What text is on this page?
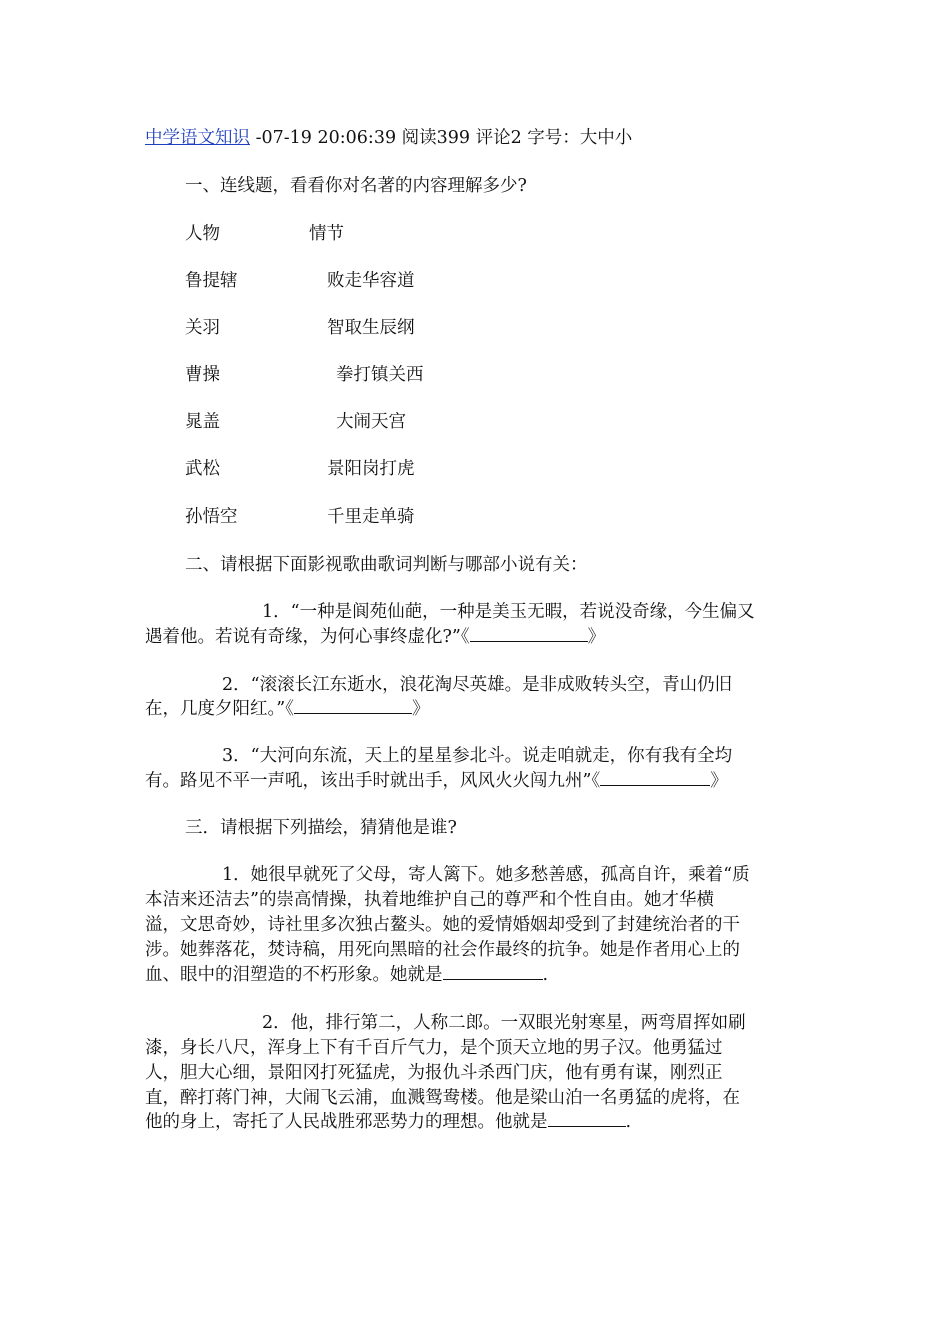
中学语文知识 -07-19 20:06:39 阅读399 评论2 字号：大中小
一、连线题，看看你对名著的内容理解多少?
人物	情节
鲁提辖	败走华容道
关羽	智取生辰纲
曹操	拳打镇关西
晁盖	大闹天宫
武松	景阳岗打虎
孙悟空	千里走单骑
二、请根据下面影视歌曲歌词判断与哪部小说有关：
1．“一种是阆苑仙葩，一种是美玉无暇，若说没奇缘，今生偏又
遇着他。若说有奇缘，为何心事终虚化?”《	》
2．“滚滚长江东逝水，浪花淘尽英雄。是非成败转头空，青山仍旧
在，几度夕阳红。”《	》
3．“大河向东流，天上的星星参北斗。说走咱就走，你有我有全均
有。路见不平一声吼，该出手时就出手，风风火火闯九州”《	》
三．请根据下列描绘，猜猜他是谁?
1．她很早就死了父母，寄人篱下。她多愁善感，孤高自许，乘着“质
本洁来还洁去”的崇高情操，执着地维护自己的尊严和个性自由。她才华横
溢，文思奇妙，诗社里多次独占鳌头。她的爱情婚姻却受到了封建统治者的干
涉。她葬落花，焚诗稿，用死向黑暗的社会作最终的抗争。她是作者用心上的
血、眼中的泪塑造的不朽形象。她就是	.
2．他，排行第二，人称二郎。一双眼光射寒星，两弯眉挥如刷
漆，身长八尺，浑身上下有千百斤气力，是个顶天立地的男子汉。他勇猛过
人，胆大心细，景阳冈打死猛虎，为报仇斗杀西门庆，他有勇有谋，刚烈正
直，醉打蒋门神，大闹飞云浦，血溅鸳鸯楼。他是梁山泊一名勇猛的虎将，在
他的身上，寄托了人民战胜邪恶势力的理想。他就是	.
